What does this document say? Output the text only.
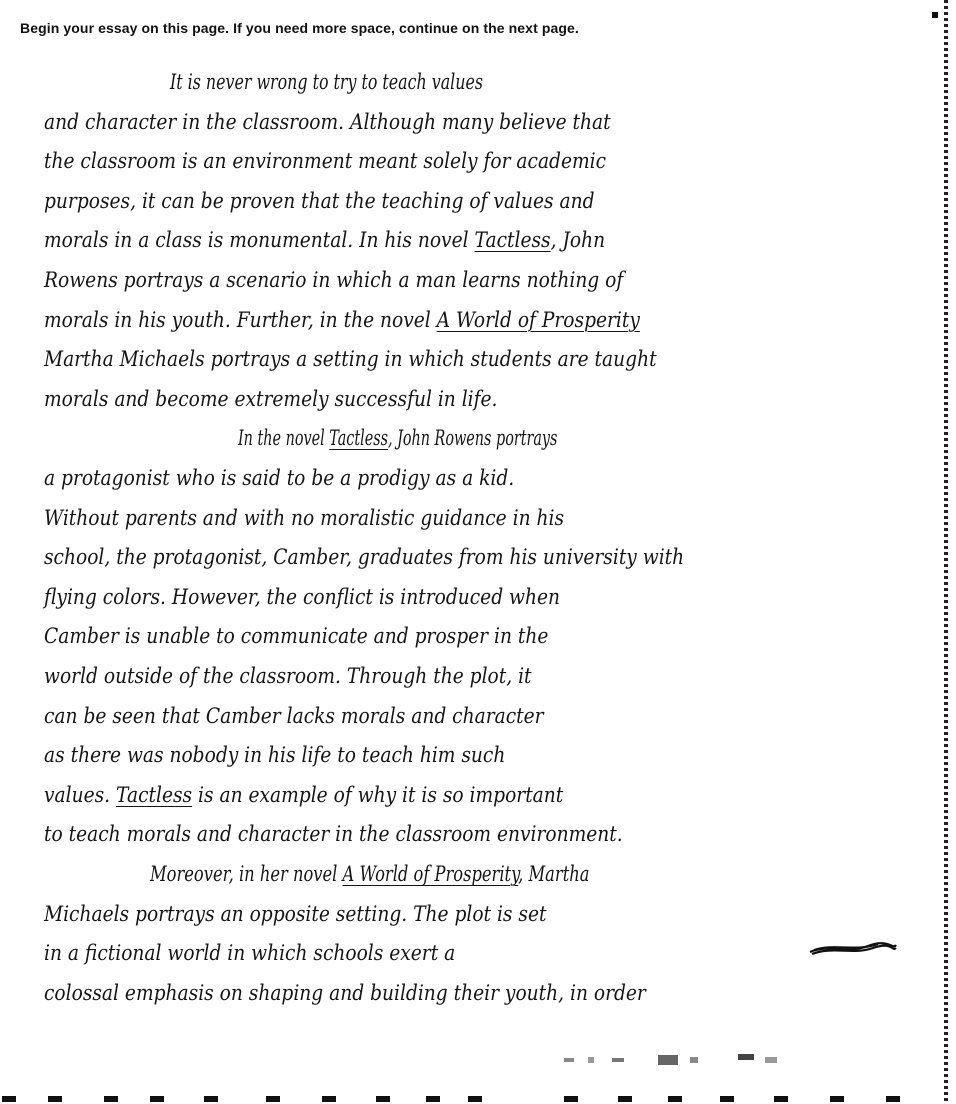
Begin your essay on this page. If you need more space, continue on the next page.
It is never wrong to try to teach values
and character in the classroom. Although many believe that
the classroom is an environment meant solely for academic
purposes, it can be proven that the teaching of values and
morals in a class is monumental. In his novel Tactless, John
Rowens portrays a scenario in which a man learns nothing of
morals in his youth. Further, in the novel A World of Prosperity
Martha Michaels portrays a setting in which students are taught
morals and become extremely successful in life.
In the novel Tactless, John Rowens portrays
a protagonist who is said to be a prodigy as a kid.
Without parents and with no moralistic guidance in his
school, the protagonist, Camber, graduates from his university with
flying colors. However, the conflict is introduced when
Camber is unable to communicate and prosper in the
world outside of the classroom. Through the plot, it
can be seen that Camber lacks morals and character
as there was nobody in his life to teach him such
values. Tactless is an example of why it is so important
to teach morals and character in the classroom environment.
Moreover, in her novel A World of Prosperity, Martha
Michaels portrays an opposite setting. The plot is set
in a fictional world in which schools exert a
colossal emphasis on shaping and building their youth, in order
